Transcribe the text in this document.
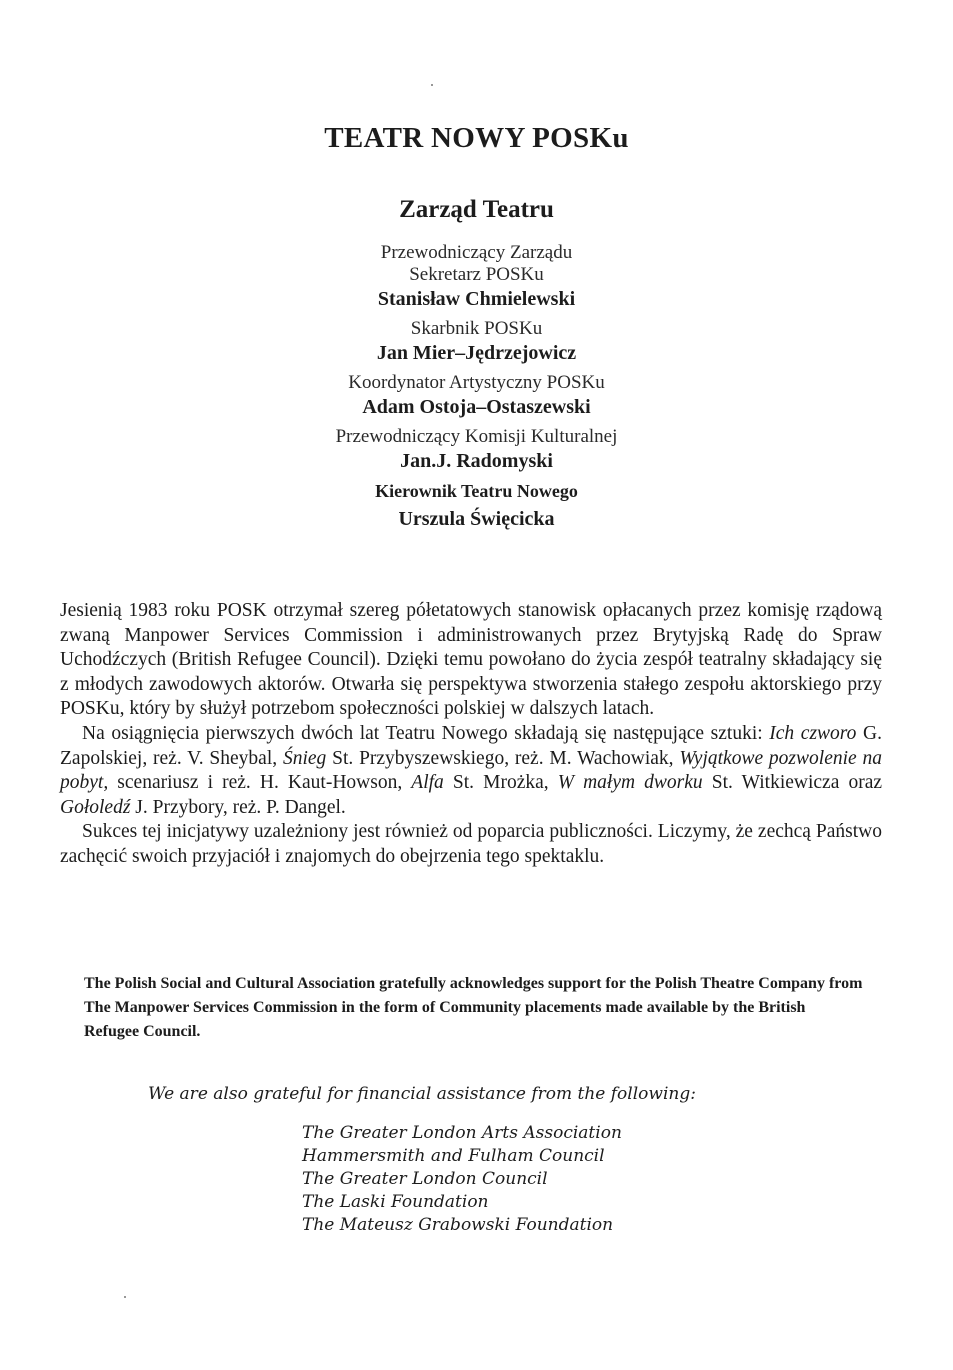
TEATR NOWY POSKu
Zarząd Teatru
Przewodniczący Zarządu
Sekretarz POSKu
Stanisław Chmielewski
Skarbnik POSKu
Jan Mier–Jędrzejowicz
Koordynator Artystyczny POSKu
Adam Ostoja–Ostaszewski
Przewodniczący Komisji Kulturalnej
Jan.J. Radomyski
Kierownik Teatru Nowego
Urszula Święcicka

Jesienią 1983 roku POSK otrzymał szereg półetatowych stanowisk opłacanych przez komisję rządową zwaną Manpower Services Commission i administrowanych przez Brytyjską Radę do Spraw Uchodźczych (British Refugee Council). Dzięki temu powołano do życia zespół teatralny składający się z młodych zawodowych aktorów. Otwarła się perspektywa stworzenia stałego zespołu aktorskiego przy POSKu, który by służył potrzebom społeczności polskiej w dalszych latach.

Na osiągnięcia pierwszych dwóch lat Teatru Nowego składają się następujące sztuki: Ich czworo G. Zapolskiej, reż. V. Sheybal, Śnieg St. Przybyszewskiego, reż. M. Wachowiak, Wyjątkowe pozwolenie na pobyt, scenariusz i reż. H. Kaut-Howson, Alfa St. Mrożka, W małym dworku St. Witkiewicza oraz Gołoledź J. Przybory, reż. P. Dangel.

Sukces tej inicjatywy uzależniony jest również od poparcia publiczności. Liczymy, że zechcą Państwo zachęcić swoich przyjaciół i znajomych do obejrzenia tego spektaklu.

The Polish Social and Cultural Association gratefully acknowledges support for the Polish Theatre Company from The Manpower Services Commission in the form of Community placements made available by the British Refugee Council.
We are also grateful for financial assistance from the following:
The Greater London Arts Association
Hammersmith and Fulham Council
The Greater London Council
The Laski Foundation
The Mateusz Grabowski Foundation
